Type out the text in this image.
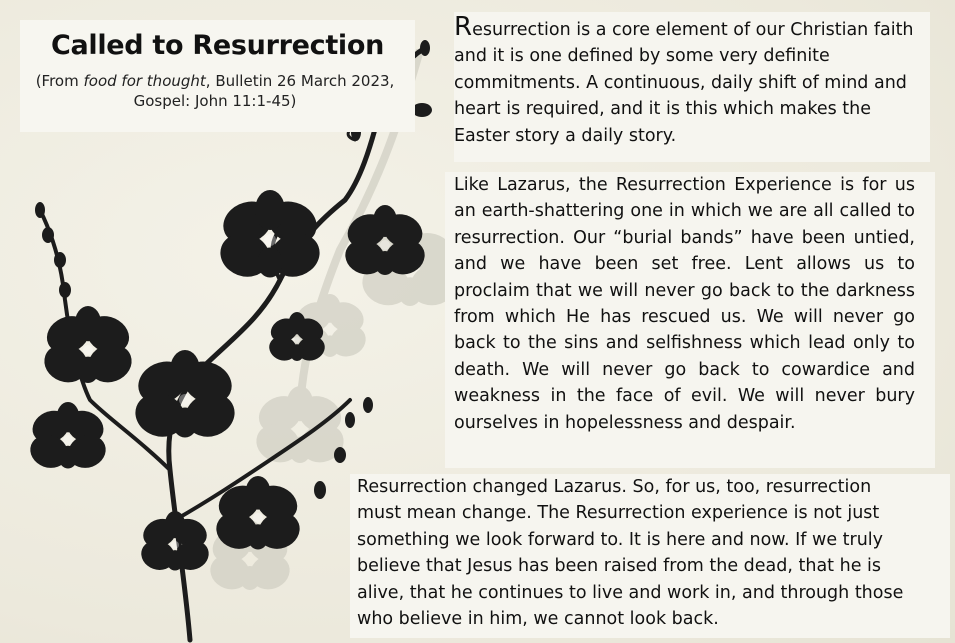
Called to Resurrection
(From food for thought, Bulletin 26 March 2023,
Gospel: John 11:1-45)
Resurrection is a core element of our Christian faith and it is one defined by some very definite commitments. A continuous, daily shift of mind and heart is required, and it is this which makes the Easter story a daily story.
Like Lazarus, the Resurrection Experience is for us an earth-shattering one in which we are all called to resurrection. Our “burial bands” have been untied, and we have been set free. Lent allows us to proclaim that we will never go back to the darkness from which He has rescued us. We will never go back to the sins and selfishness which lead only to death. We will never go back to cowardice and weakness in the face of evil. We will never bury ourselves in hopelessness and despair.
Resurrection changed Lazarus. So, for us, too, resurrection must mean change. The Resurrection experience is not just something we look forward to. It is here and now. If we truly believe that Jesus has been raised from the dead, that he is alive, that he continues to live and work in, and through those who believe in him, we cannot look back.
